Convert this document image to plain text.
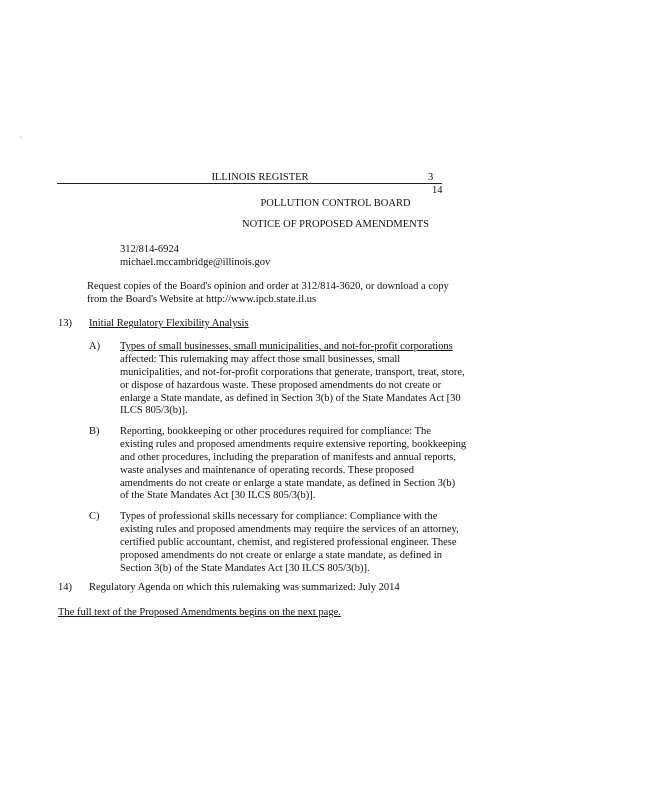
.
ILLINOIS REGISTER	3
14
POLLUTION CONTROL BOARD
NOTICE OF PROPOSED AMENDMENTS
312/814-6924
michael.mccambridge@illinois.gov
Request copies of the Board's opinion and order at 312/814-3620, or download a copy
from the Board's Website at http://www.ipcb.state.il.us
13) Initial Regulatory Flexibility Analysis
A) Types of small businesses, small municipalities, and not-for-profit corporations
affected: This rulemaking may affect those small businesses, small
municipalities, and not-for-profit corporations that generate, transport, treat, store,
or dispose of hazardous waste. These proposed amendments do not create or
enlarge a State mandate, as defined in Section 3(b) of the State Mandates Act [30
ILCS 805/3(b)].
B) Reporting, bookkeeping or other procedures required for compliance: The
existing rules and proposed amendments require extensive reporting, bookkeeping
and other procedures, including the preparation of manifests and annual reports,
waste analyses and maintenance of operating records. These proposed
amendments do not create or enlarge a state mandate, as defined in Section 3(b)
of the State Mandates Act [30 ILCS 805/3(b)].
C) Types of professional skills necessary for compliance: Compliance with the
existing rules and proposed amendments may require the services of an attorney,
certified public accountant, chemist, and registered professional engineer. These
proposed amendments do not create or enlarge a state mandate, as defined in
Section 3(b) of the State Mandates Act [30 ILCS 805/3(b)].
14) Regulatory Agenda on which this rulemaking was summarized: July 2014
The full text of the Proposed Amendments begins on the next page.
